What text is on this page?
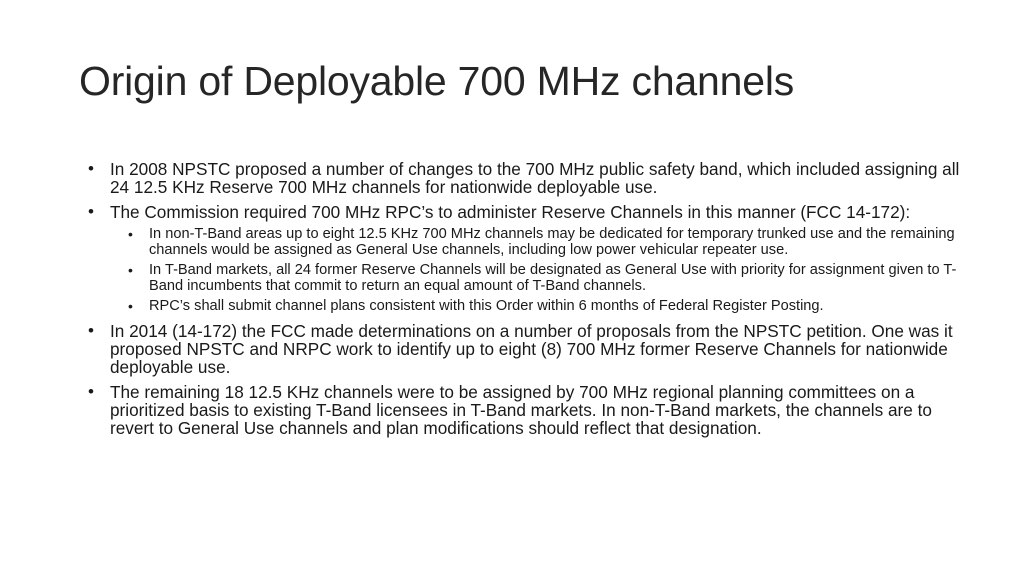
Origin of Deployable 700 MHz channels
• In 2008 NPSTC proposed a number of changes to the 700 MHz public safety band, which included assigning all 24 12.5 KHz Reserve 700 MHz channels for nationwide deployable use.
• The Commission required 700 MHz RPC’s to administer Reserve Channels in this manner (FCC 14-172):
• In non-T-Band areas up to eight 12.5 KHz 700 MHz channels may be dedicated for temporary trunked use and the remaining channels would be assigned as General Use channels, including low power vehicular repeater use.
• In T-Band markets, all 24 former Reserve Channels will be designated as General Use with priority for assignment given to T-Band incumbents that commit to return an equal amount of T-Band channels.
• RPC’s shall submit channel plans consistent with this Order within 6 months of Federal Register Posting.
• In 2014 (14-172) the FCC made determinations on a number of proposals from the NPSTC petition. One was it proposed NPSTC and NRPC work to identify up to eight (8) 700 MHz former Reserve Channels for nationwide deployable use.
• The remaining 18 12.5 KHz channels were to be assigned by 700 MHz regional planning committees on a prioritized basis to existing T-Band licensees in T-Band markets. In non-T-Band markets, the channels are to revert to General Use channels and plan modifications should reflect that designation.
